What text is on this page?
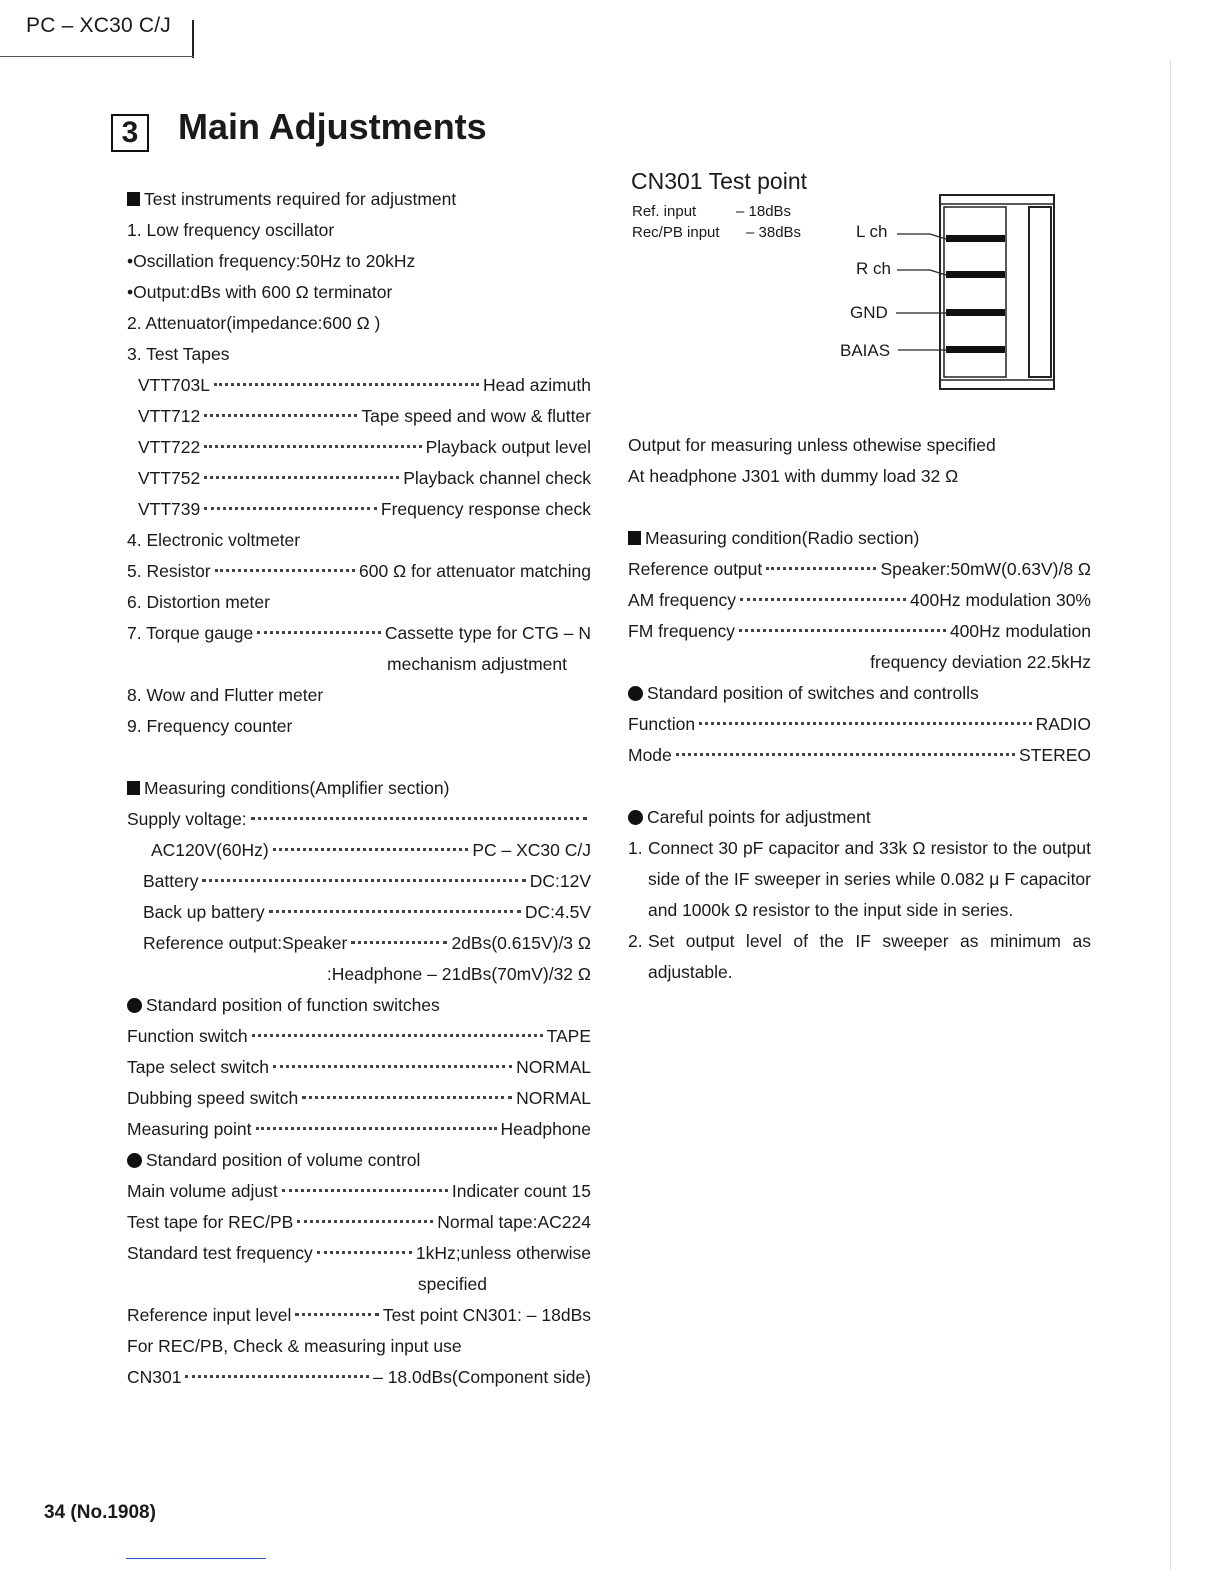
PC – XC30 C/J
3 Main Adjustments
Test instruments required for adjustment
1. Low frequency oscillator
•Oscillation frequency:50Hz to 20kHz
•Output:dBs with 600 Ω terminator
2. Attenuator(impedance:600 Ω )
3. Test Tapes
VTT703L	Head azimuth
VTT712	Tape speed and wow & flutter
VTT722	Playback output level
VTT752	Playback channel check
VTT739	Frequency response check
4. Electronic voltmeter
5. Resistor	600 Ω for attenuator matching
6. Distortion meter
7. Torque gauge	Cassette type for CTG – N
mechanism adjustment
8. Wow and Flutter meter
9. Frequency counter
Measuring conditions(Amplifier section)
Supply voltage:
AC120V(60Hz)	PC – XC30 C/J
Battery	DC:12V
Back up battery	DC:4.5V
Reference output:Speaker	2dBs(0.615V)/3 Ω
:Headphone – 21dBs(70mV)/32 Ω
Standard position of function switches
Function switch	TAPE
Tape select switch	NORMAL
Dubbing speed switch	NORMAL
Measuring point	Headphone
Standard position of volume control
Main volume adjust	Indicater count 15
Test tape for REC/PB	Normal tape:AC224
Standard test frequency	1kHz;unless otherwise
specified
Reference input level	Test point CN301: – 18dBs
For REC/PB, Check & measuring input use
CN301	– 18.0dBs(Component side)
CN301 Test point
Ref. input	– 18dBs
Rec/PB input	– 38dBs	L ch
R ch
GND
BAIAS
Output for measuring unless othewise specified
At headphone J301 with dummy load 32 Ω
Measuring condition(Radio section)
Reference output	Speaker:50mW(0.63V)/8 Ω
AM frequency	400Hz modulation 30%
FM frequency	400Hz modulation
frequency deviation 22.5kHz
Standard position of switches and controlls
Function	RADIO
Mode	STEREO
Careful points for adjustment
1. Connect 30 pF capacitor and 33k Ω resistor to the output side of the IF sweeper in series while 0.082 μ F capacitor and 1000k Ω resistor to the input side in series.
2. Set output level of the IF sweeper as minimum as adjustable.
34 (No.1908)
